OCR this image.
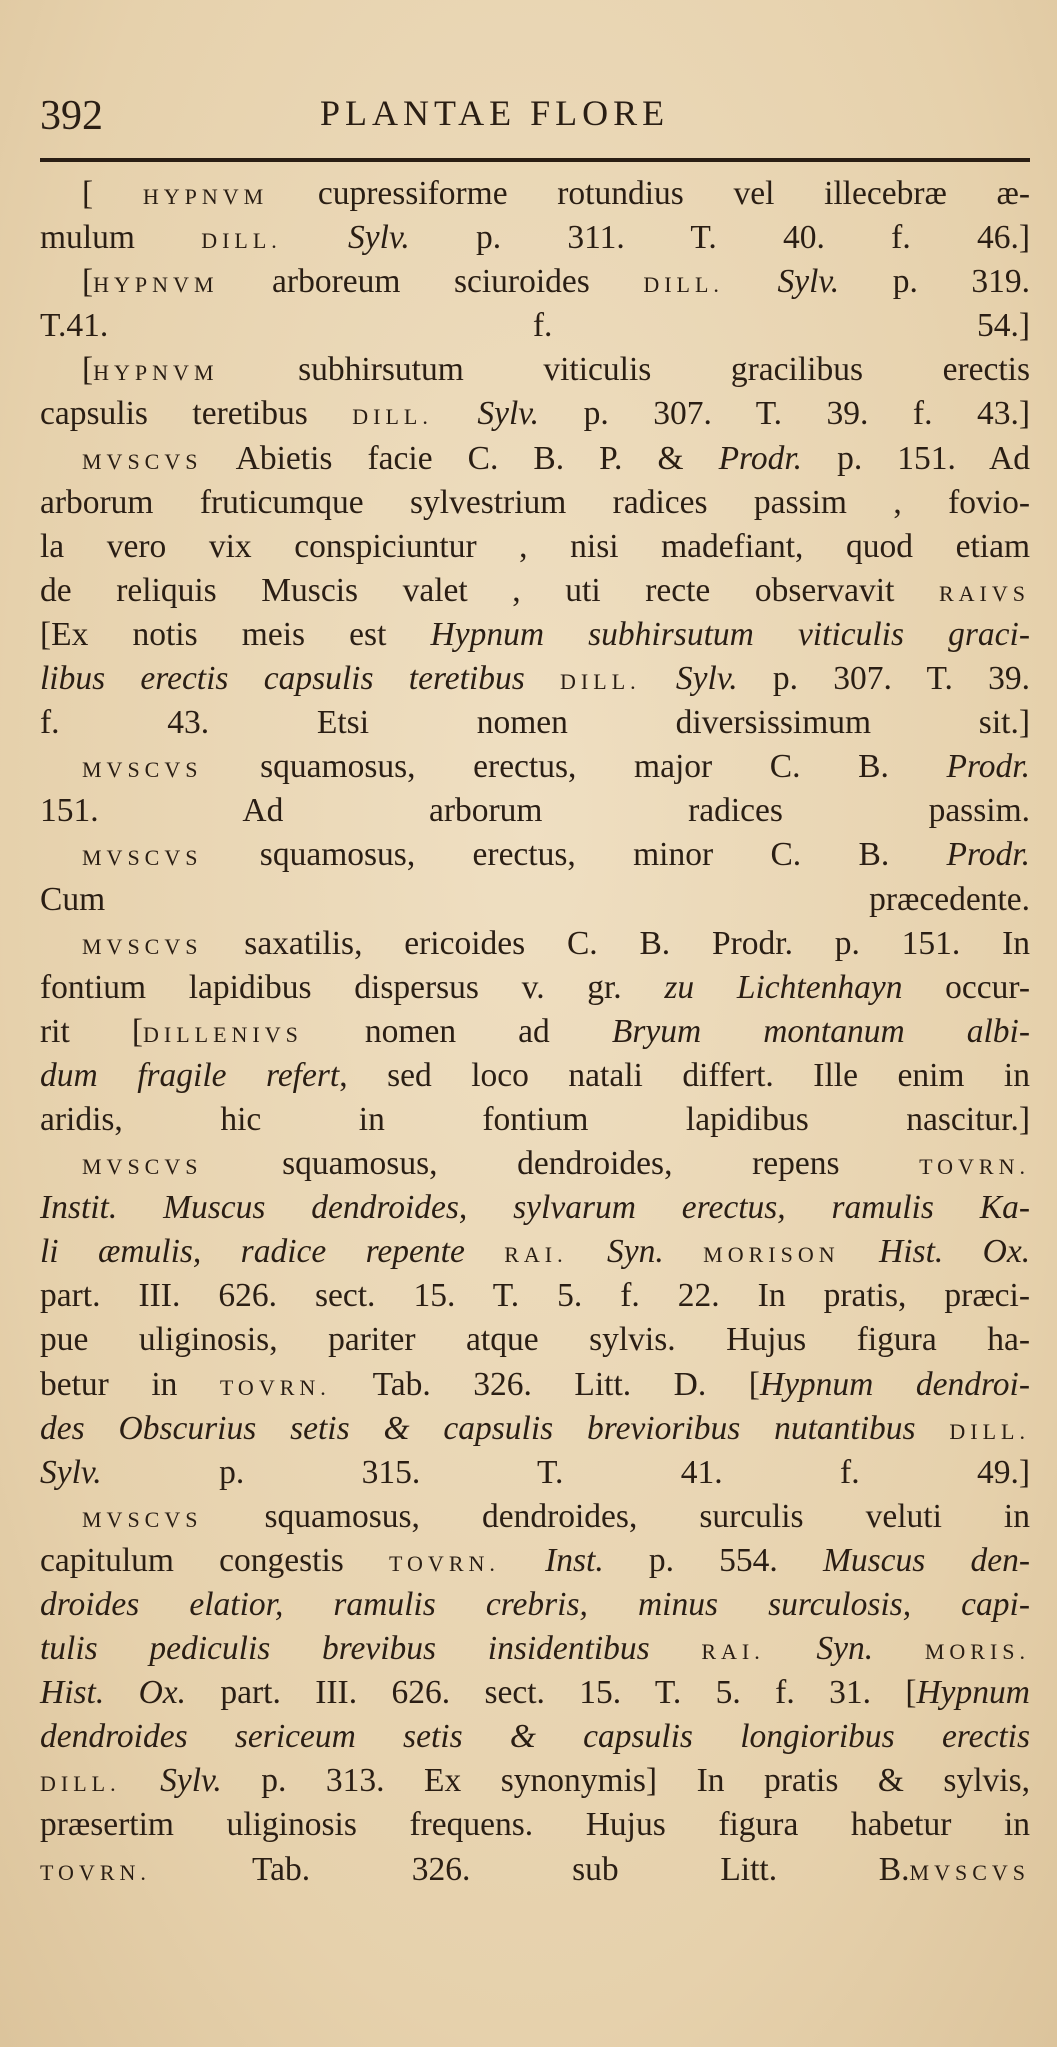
392	PLANTAE FLORE
[ HYPNVM cupressiforme rotundius vel illecebræ æ-
mulum DILL. Sylv. p. 311. T. 40. f. 46.]
[HYPNVM arboreum sciuroides DILL. Sylv. p. 319.
T.41. f. 54.]
[HYPNVM subhirsutum viticulis gracilibus erectis
capsulis teretibus DILL. Sylv. p. 307. T. 39. f. 43.]
MVSCVS Abietis facie C. B. P. & Prodr. p. 151. Ad
arborum fruticumque sylvestrium radices passim , fovio-
la vero vix conspiciuntur , nisi madefiant, quod etiam
de reliquis Muscis valet , uti recte observavit RAIVS
[Ex notis meis est Hypnum subhirsutum viticulis graci-
libus erectis capsulis teretibus DILL. Sylv. p. 307. T. 39.
f. 43. Etsi nomen diversissimum sit.]
MVSCVS squamosus, erectus, major C. B. Prodr.
151. Ad arborum radices passim.
MVSCVS squamosus, erectus, minor C. B. Prodr.
Cum præcedente.
MVSCVS saxatilis, ericoides C. B. Prodr. p. 151. In
fontium lapidibus dispersus v. gr. zu Lichtenhayn occur-
rit [DILLENIVS nomen ad Bryum montanum albi-
dum fragile refert, sed loco natali differt. Ille enim in
aridis, hic in fontium lapidibus nascitur.]
MVSCVS squamosus, dendroides, repens TOVRN.
Instit. Muscus dendroides, sylvarum erectus, ramulis Ka-
li æmulis, radice repente RAI. Syn. MORISON Hist. Ox.
part. III. 626. sect. 15. T. 5. f. 22. In pratis, præci-
pue uliginosis, pariter atque sylvis. Hujus figura ha-
betur in TOVRN. Tab. 326. Litt. D. [Hypnum dendroi-
des Obscurius setis & capsulis brevioribus nutantibus DILL.
Sylv. p. 315. T. 41. f. 49.]
MVSCVS squamosus, dendroides, surculis veluti in
capitulum congestis TOVRN. Inst. p. 554. Muscus den-
droides elatior, ramulis crebris, minus surculosis, capi-
tulis pediculis brevibus insidentibus RAI. Syn. MORIS.
Hist. Ox. part. III. 626. sect. 15. T. 5. f. 31. [Hypnum
dendroides sericeum setis & capsulis longioribus erectis
DILL. Sylv. p. 313. Ex synonymis] In pratis & sylvis,
præsertim uliginosis frequens. Hujus figura habetur in
TOVRN. Tab. 326. sub Litt. B.MVSCVS
